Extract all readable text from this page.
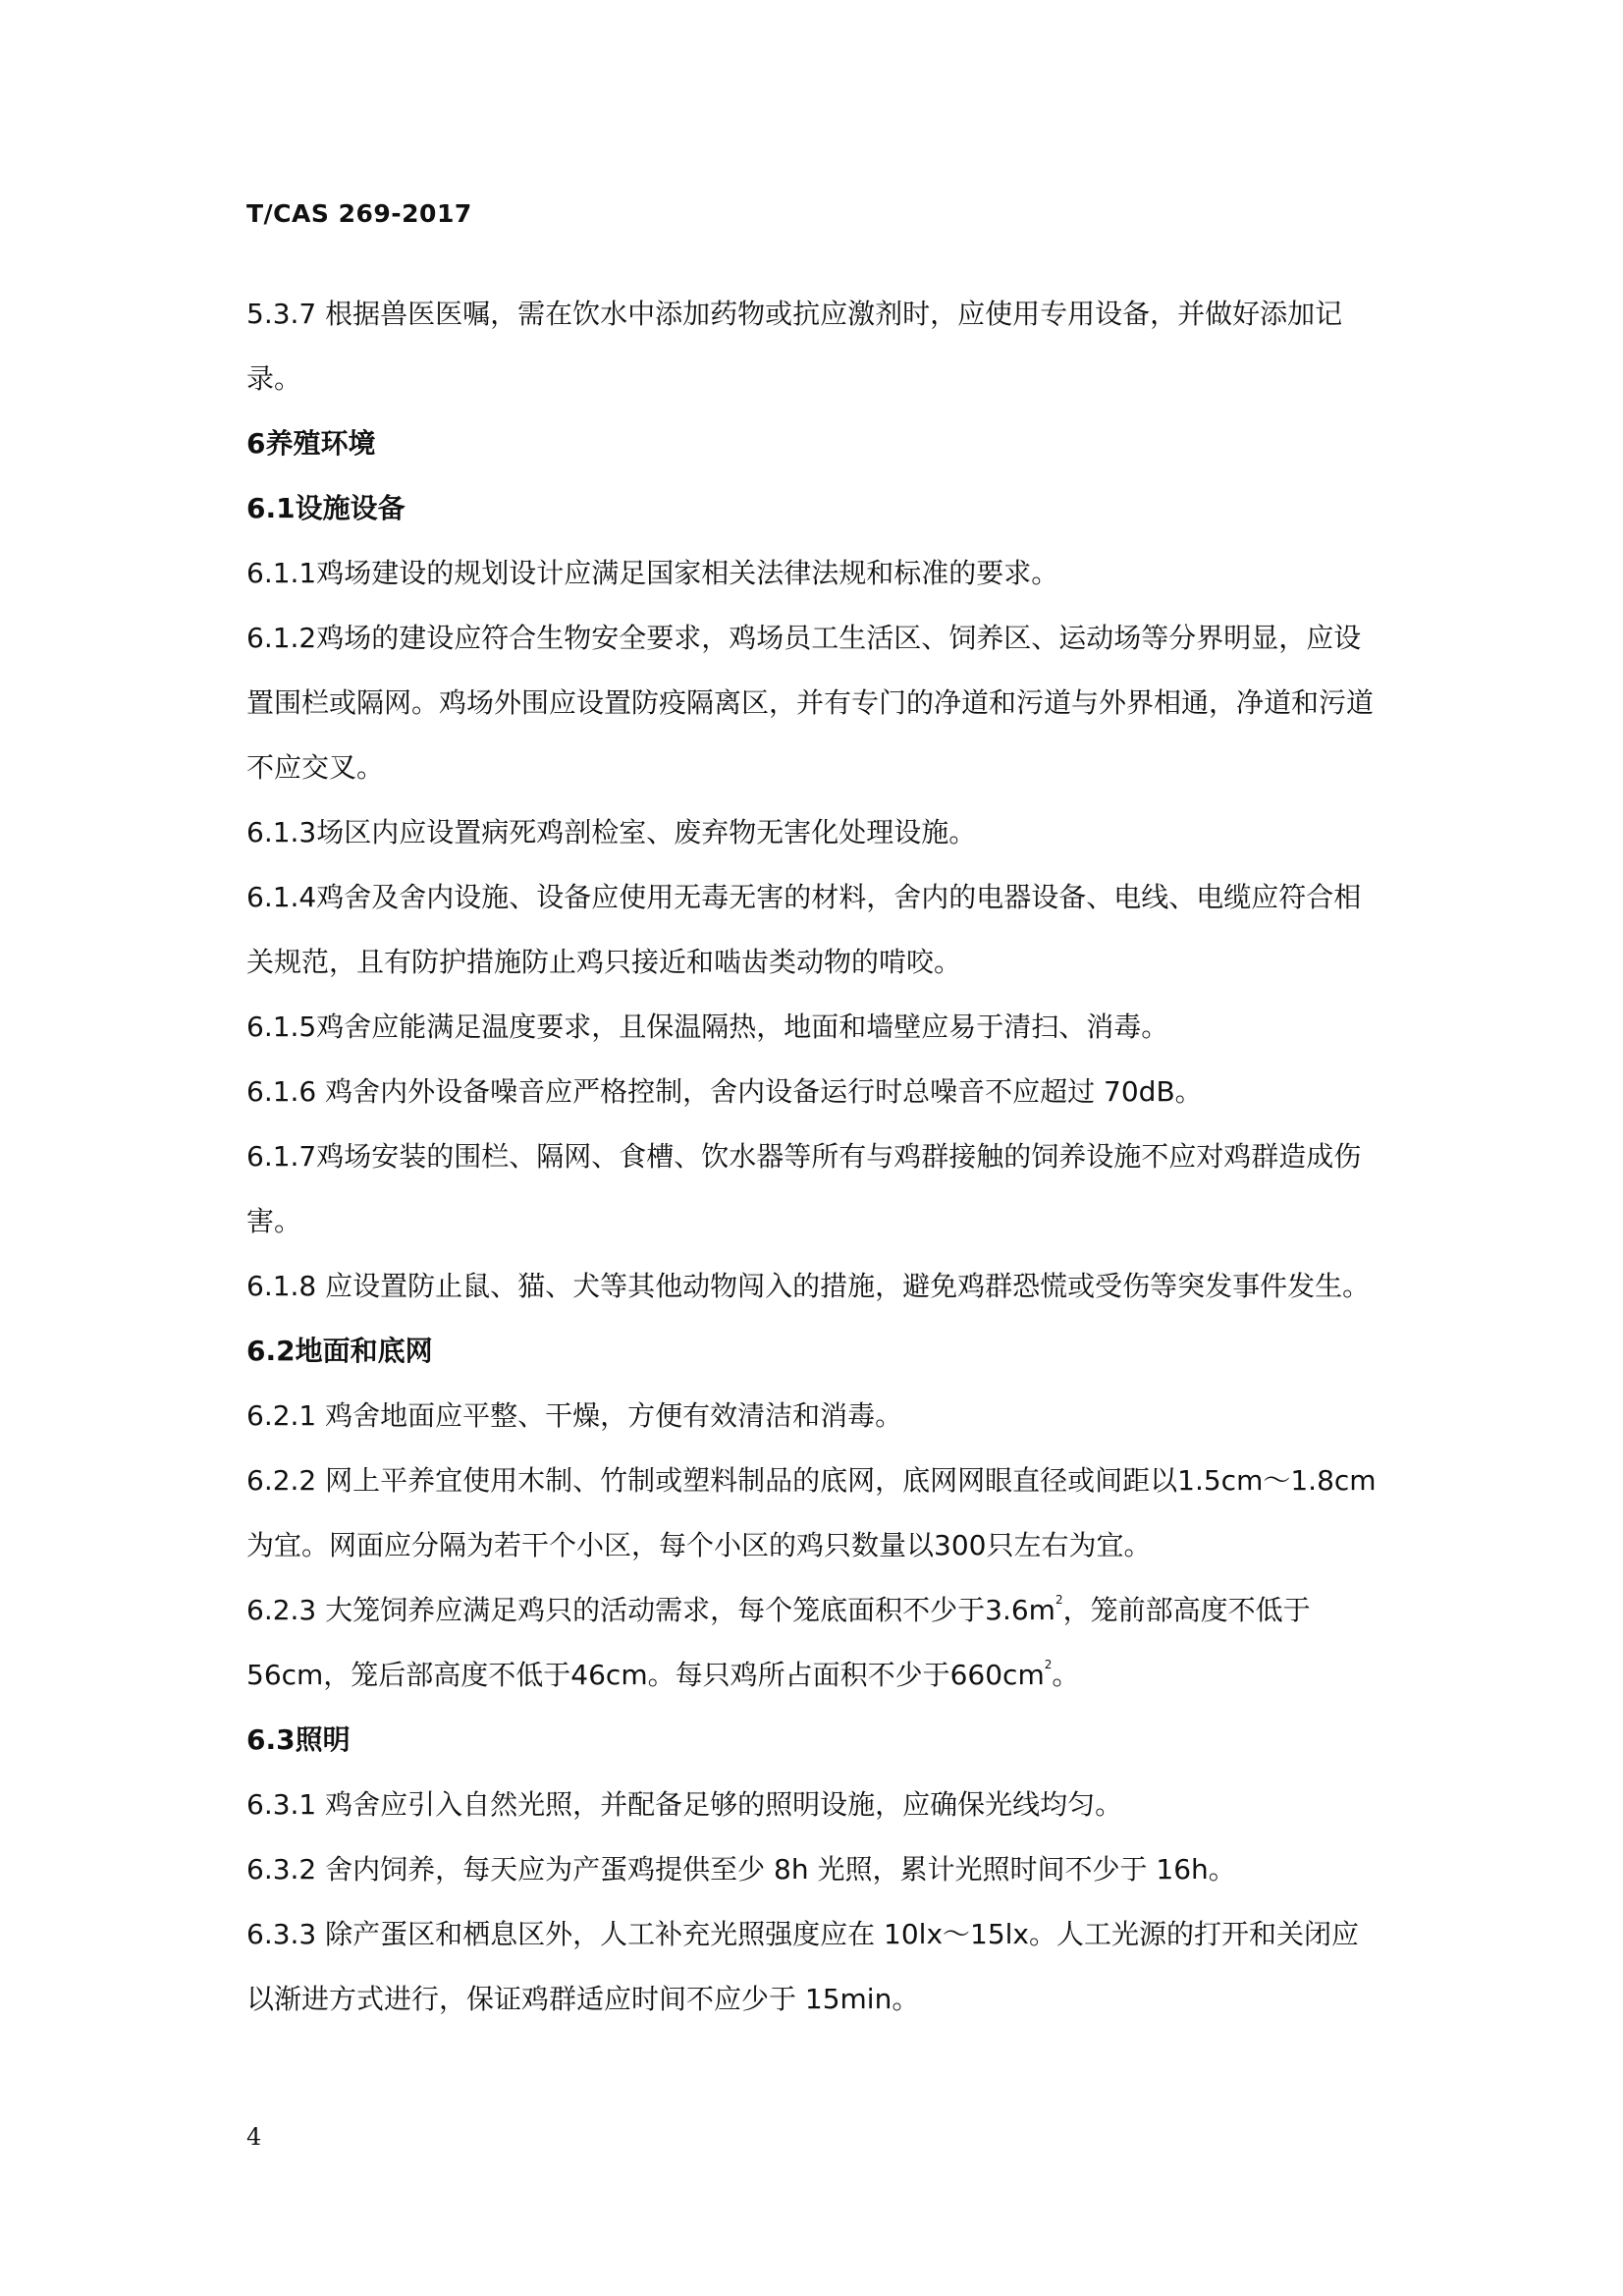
T/CAS 269-2017

5.3.7 根据兽医医嘱，需在饮水中添加药物或抗应激剂时，应使用专用设备，并做好添加记录。

6养殖环境

6.1设施设备

6.1.1鸡场建设的规划设计应满足国家相关法律法规和标准的要求。

6.1.2鸡场的建设应符合生物安全要求，鸡场员工生活区、饲养区、运动场等分界明显，应设置围栏或隔网。鸡场外围应设置防疫隔离区，并有专门的净道和污道与外界相通，净道和污道不应交叉。

6.1.3场区内应设置病死鸡剖检室、废弃物无害化处理设施。

6.1.4鸡舍及舍内设施、设备应使用无毒无害的材料，舍内的电器设备、电线、电缆应符合相关规范，且有防护措施防止鸡只接近和啮齿类动物的啃咬。

6.1.5鸡舍应能满足温度要求，且保温隔热，地面和墙壁应易于清扫、消毒。

6.1.6 鸡舍内外设备噪音应严格控制，舍内设备运行时总噪音不应超过 70dB。

6.1.7鸡场安装的围栏、隔网、食槽、饮水器等所有与鸡群接触的饲养设施不应对鸡群造成伤害。

6.1.8 应设置防止鼠、猫、犬等其他动物闯入的措施，避免鸡群恐慌或受伤等突发事件发生。

6.2地面和底网

6.2.1 鸡舍地面应平整、干燥，方便有效清洁和消毒。

6.2.2 网上平养宜使用木制、竹制或塑料制品的底网，底网网眼直径或间距以1.5cm～1.8cm为宜。网面应分隔为若干个小区，每个小区的鸡只数量以300只左右为宜。

6.2.3 大笼饲养应满足鸡只的活动需求，每个笼底面积不少于$3.6m^2$，笼前部高度不低于56cm，笼后部高度不低于46cm。每只鸡所占面积不少于$660cm^2$。

6.3照明

6.3.1 鸡舍应引入自然光照，并配备足够的照明设施，应确保光线均匀。

6.3.2 舍内饲养，每天应为产蛋鸡提供至少 8h 光照，累计光照时间不少于 16h。

6.3.3 除产蛋区和栖息区外，人工补充光照强度应在 10lx～15lx。人工光源的打开和关闭应以渐进方式进行，保证鸡群适应时间不应少于 15min。

4
